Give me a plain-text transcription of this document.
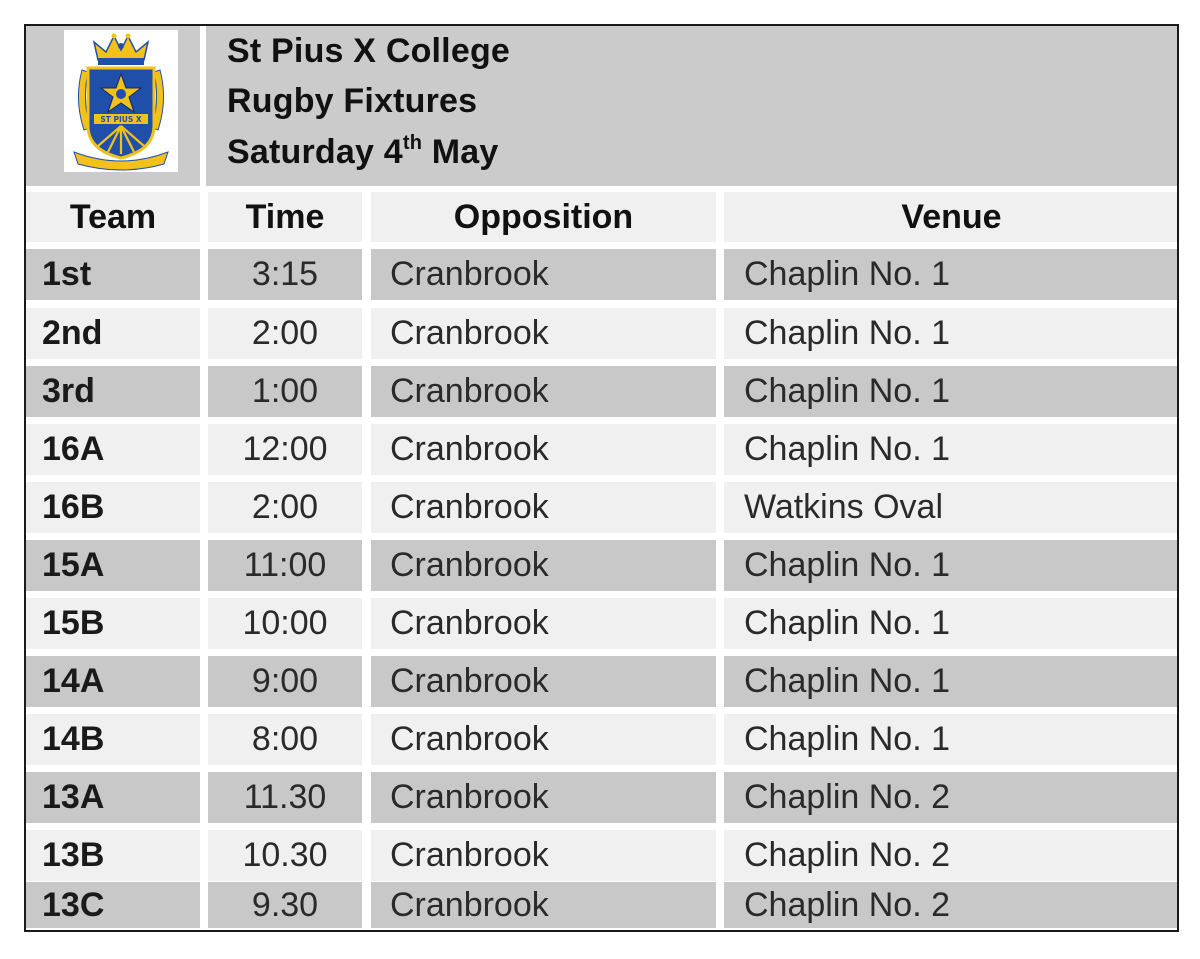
ST PIUS X
St Pius X College
Rugby Fixtures
Saturday 4th May
Team	Time	Opposition	Venue
1st	3:15	Cranbrook	Chaplin No. 1
2nd	2:00	Cranbrook	Chaplin No. 1
3rd	1:00	Cranbrook	Chaplin No. 1
16A	12:00	Cranbrook	Chaplin No. 1
16B	2:00	Cranbrook	Watkins Oval
15A	11:00	Cranbrook	Chaplin No. 1
15B	10:00	Cranbrook	Chaplin No. 1
14A	9:00	Cranbrook	Chaplin No. 1
14B	8:00	Cranbrook	Chaplin No. 1
13A	11.30	Cranbrook	Chaplin No. 2
13B	10.30	Cranbrook	Chaplin No. 2
13C	9.30	Cranbrook	Chaplin No. 2
